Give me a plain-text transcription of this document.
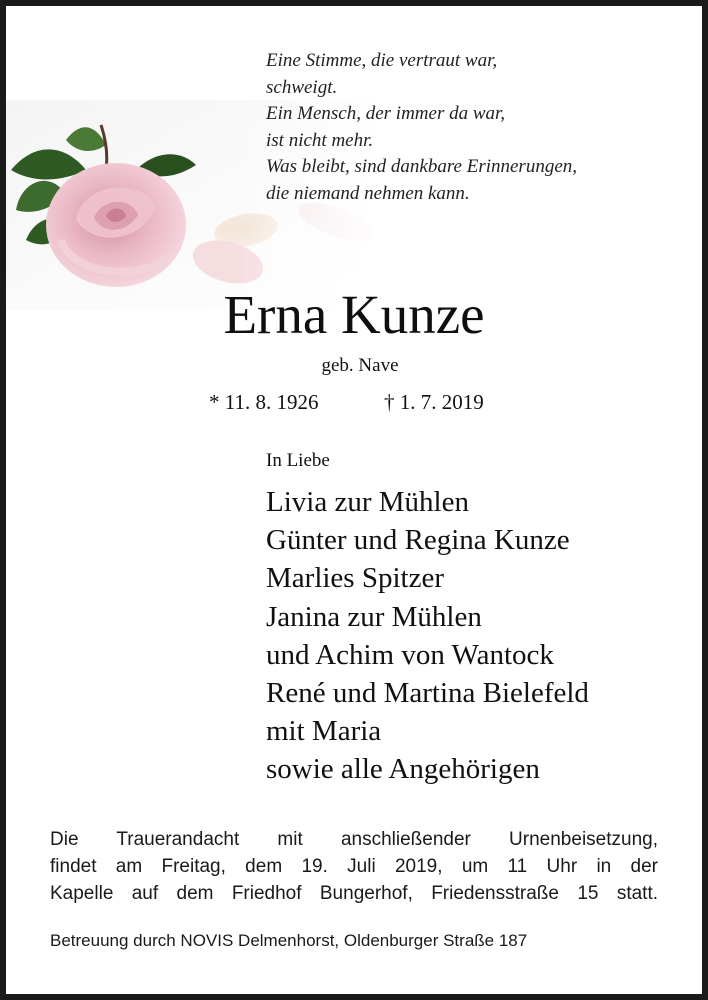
Eine Stimme, die vertraut war,
schweigt.
Ein Mensch, der immer da war,
ist nicht mehr.
Was bleibt, sind dankbare Erinnerungen,
die niemand nehmen kann.
Erna Kunze
geb. Nave
* 11. 8. 1926	† 1. 7. 2019
In Liebe
Livia zur Mühlen
Günter und Regina Kunze
Marlies Spitzer
Janina zur Mühlen
und Achim von Wantock
René und Martina Bielefeld
mit Maria
sowie alle Angehörigen
Die Trauerandacht mit anschließender Urnenbeisetzung,
findet am Freitag, dem 19. Juli 2019, um 11 Uhr in der
Kapelle auf dem Friedhof Bungerhof, Friedensstraße 15 statt.
Betreuung durch NOVIS Delmenhorst, Oldenburger Straße 187
